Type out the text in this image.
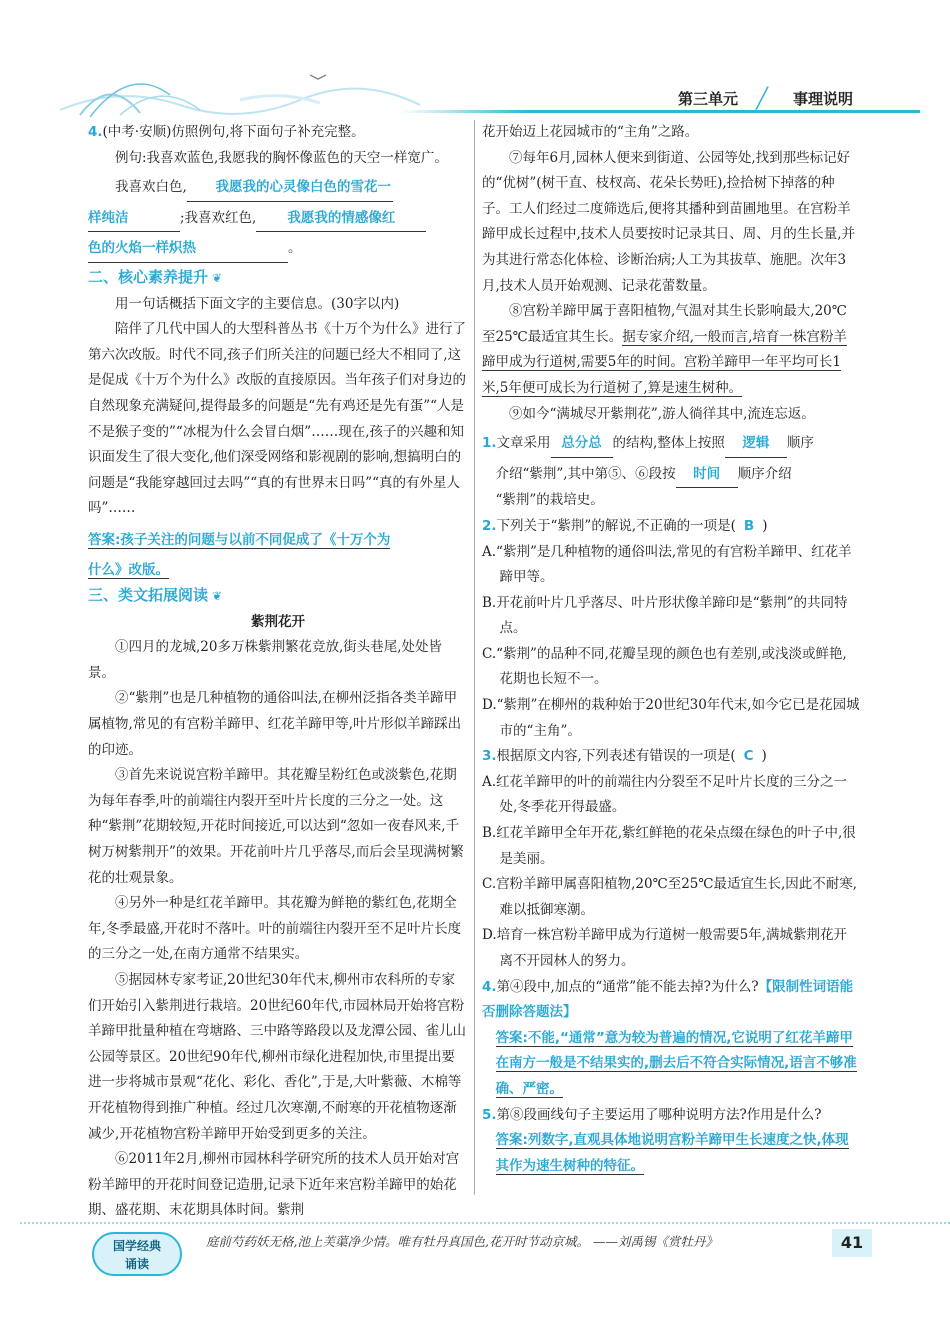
第三单元 ╱ 事理说明

4.(中考·安顺)仿照例句,将下面句子补充完整。

例句:我喜欢蓝色,我愿我的胸怀像蓝色的天空一样宽广。

我喜欢白色, 我愿我的心灵像白色的雪花一

样纯洁	;我喜欢红色, 我愿我的情感像红

色的火焰一样炽热	。

二、核心素养提升 ❦

用一句话概括下面文字的主要信息。(30字以内)

陪伴了几代中国人的大型科普丛书《十万个为什么》进行了第六次改版。时代不同,孩子们所关注的问题已经大不相同了,这是促成《十万个为什么》改版的直接原因。当年孩子们对身边的自然现象充满疑问,提得最多的问题是“先有鸡还是先有蛋”“人是不是猴子变的”“冰棍为什么会冒白烟”……现在,孩子的兴趣和知识面发生了很大变化,他们深受网络和影视剧的影响,想搞明白的问题是“我能穿越回过去吗”“真的有世界末日吗”“真的有外星人吗”……

答案:孩子关注的问题与以前不同促成了《十万个为

什么》改版。

三、类文拓展阅读 ❦

紫荆花开

①四月的龙城,20多万株紫荆繁花竞放,街头巷尾,处处皆景。

②“紫荆”也是几种植物的通俗叫法,在柳州泛指各类羊蹄甲属植物,常见的有宫粉羊蹄甲、红花羊蹄甲等,叶片形似羊蹄踩出的印迹。

③首先来说说宫粉羊蹄甲。其花瓣呈粉红色或淡紫色,花期为每年春季,叶的前端往内裂开至叶片长度的三分之一处。这种“紫荆”花期较短,开花时间接近,可以达到“忽如一夜春风来,千树万树紫荆开”的效果。开花前叶片几乎落尽,而后会呈现满树繁花的壮观景象。

④另外一种是红花羊蹄甲。其花瓣为鲜艳的紫红色,花期全年,冬季最盛,开花时不落叶。叶的前端往内裂开至不足叶片长度的三分之一处,在南方通常不结果实。

⑤据园林专家考证,20世纪30年代末,柳州市农科所的专家们开始引入紫荆进行栽培。20世纪60年代,市园林局开始将宫粉羊蹄甲批量种植在弯塘路、三中路等路段以及龙潭公园、雀儿山公园等景区。20世纪90年代,柳州市绿化进程加快,市里提出要进一步将城市景观“花化、彩化、香化”,于是,大叶紫薇、木棉等开花植物得到推广种植。经过几次寒潮,不耐寒的开花植物逐渐减少,开花植物宫粉羊蹄甲开始受到更多的关注。

⑥2011年2月,柳州市园林科学研究所的技术人员开始对宫粉羊蹄甲的开花时间登记造册,记录下近年来宫粉羊蹄甲的始花期、盛花期、末花期具体时间。紫荆

花开始迈上花园城市的“主角”之路。

⑦每年6月,园林人便来到街道、公园等处,找到那些标记好的“优树”(树干直、枝杈高、花朵长势旺),捡拾树下掉落的种子。工人们经过二度筛选后,便将其播种到苗圃地里。在宫粉羊蹄甲成长过程中,技术人员要按时记录其日、周、月的生长量,并为其进行常态化体检、诊断治病;人工为其拔草、施肥。次年3月,技术人员开始观测、记录花蕾数量。

⑧宫粉羊蹄甲属于喜阳植物,气温对其生长影响最大,20℃至25℃最适宜其生长。据专家介绍,一般而言,培育一株宫粉羊蹄甲成为行道树,需要5年的时间。宫粉羊蹄甲一年平均可长1米,5年便可成长为行道树了,算是速生树种。

⑨如今“满城尽开紫荆花”,游人徜徉其中,流连忘返。

1.文章采用 总分总 的结构,整体上按照 逻辑 顺序

介绍“紫荆”,其中第⑤、⑥段按 时间 顺序介绍

“紫荆”的栽培史。

2.下列关于“紫荆”的解说,不正确的一项是( B )

A.“紫荆”是几种植物的通俗叫法,常见的有宫粉羊蹄甲、红花羊蹄甲等。

B.开花前叶片几乎落尽、叶片形状像羊蹄印是“紫荆”的共同特点。

C.“紫荆”的品种不同,花瓣呈现的颜色也有差别,或浅淡或鲜艳,花期也长短不一。

D.“紫荆”在柳州的栽种始于20世纪30年代末,如今它已是花园城市的“主角”。

3.根据原文内容,下列表述有错误的一项是( C )

A.红花羊蹄甲的叶的前端往内分裂至不足叶片长度的三分之一处,冬季花开得最盛。

B.红花羊蹄甲全年开花,紫红鲜艳的花朵点缀在绿色的叶子中,很是美丽。

C.宫粉羊蹄甲属喜阳植物,20℃至25℃最适宜生长,因此不耐寒,难以抵御寒潮。

D.培育一株宫粉羊蹄甲成为行道树一般需要5年,满城紫荆花开离不开园林人的努力。

4.第④段中,加点的“通常”能不能去掉?为什么?【限制性词语能否删除答题法】

答案:不能,“通常”意为较为普遍的情况,它说明了红花羊蹄甲在南方一般是不结果实的,删去后不符合实际情况,语言不够准确、严密。

5.第⑧段画线句子主要运用了哪种说明方法?作用是什么?

答案:列数字,直观具体地说明宫粉羊蹄甲生长速度之快,体现其作为速生树种的特征。

国学经典
诵读
庭前芍药妖无格,池上芙蕖净少情。唯有牡丹真国色,花开时节动京城。 ——刘禹锡《赏牡丹》	41
